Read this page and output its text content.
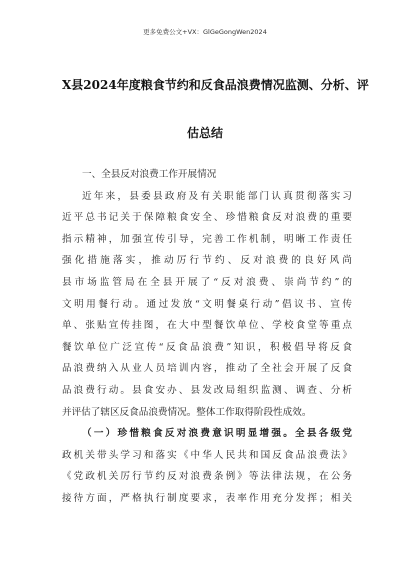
更多免费公文+VX：GlGeGongWen2024
X县2024年度粮食节约和反食品浪费情况监测、分析、评
估总结
一、全县反对浪费工作开展情况
近年来，县委县政府及有关职能部门认真贯彻落实习
近平总书记关于保障粮食安全、珍惜粮食反对浪费的重要
指示精神，加强宣传引导，完善工作机制，明晰工作责任
强化措施落实，推动厉行节约、反对浪费的良好风尚
县市场监管局在全县开展了“反对浪费、崇尚节约”的
文明用餐行动。通过发放“文明餐桌行动”倡议书、宣传
单、张贴宣传挂图，在大中型餐饮单位、学校食堂等重点
餐饮单位广泛宣传“反食品浪费”知识，积极倡导将反食
品浪费纳入从业人员培训内容，推动了全社会开展了反食
品浪费行动。县食安办、县发改局组织监测、调查、分析
并评估了辖区反食品浪费情况。整体工作取得阶段性成效。
（一）珍惜粮食反对浪费意识明显增强。全县各级党
政机关带头学习和落实《中华人民共和国反食品浪费法》
《党政机关厉行节约反对浪费条例》等法律法规，在公务
接待方面，严格执行制度要求，表率作用充分发挥；相关
